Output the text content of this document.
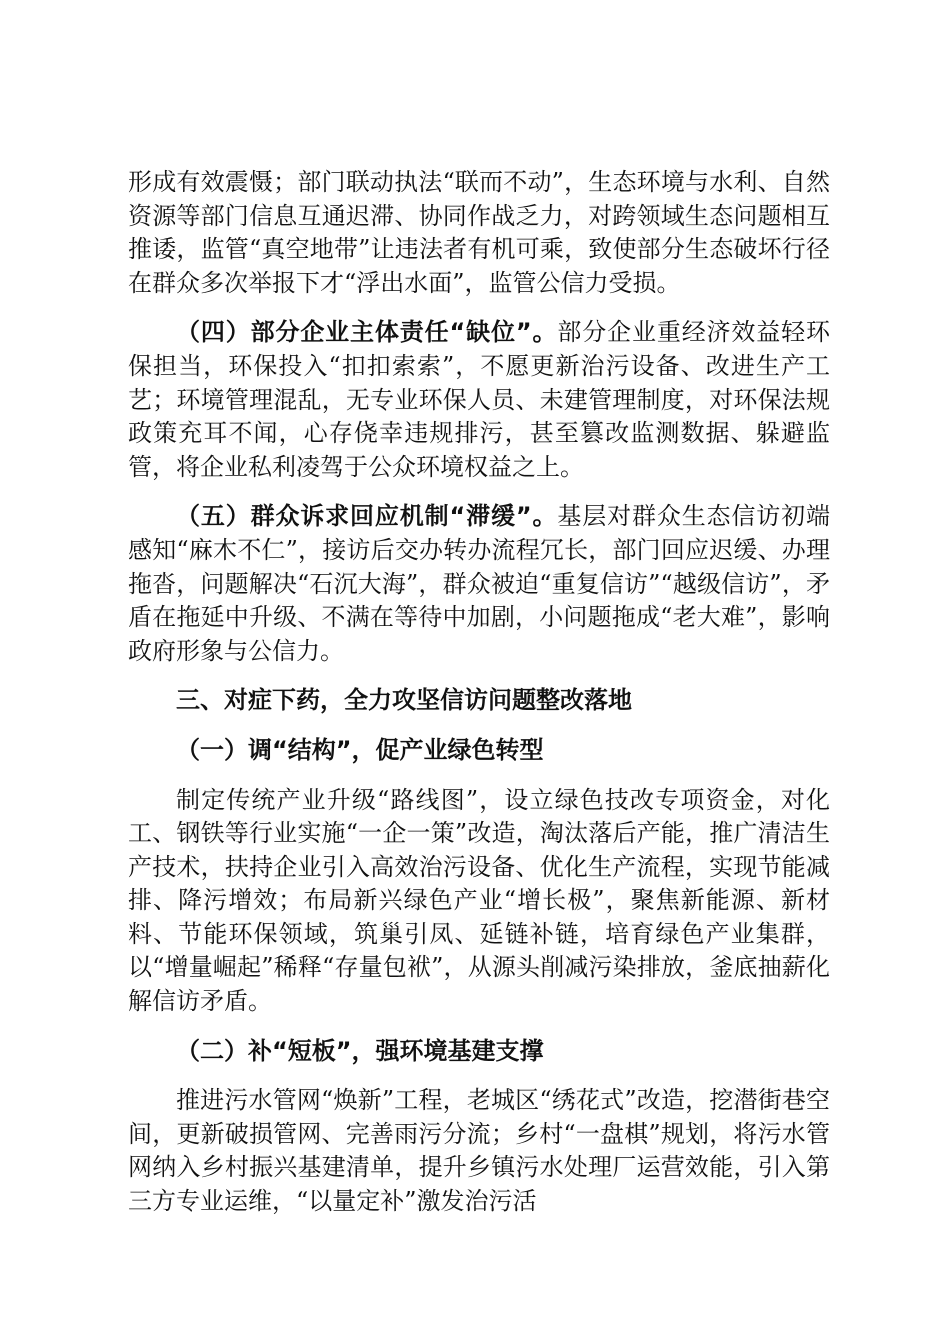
形成有效震慑；部门联动执法“联而不动”，生态环境与水利、自然资源等部门信息互通迟滞、协同作战乏力，对跨领域生态问题相互推诿，监管“真空地带”让违法者有机可乘，致使部分生态破坏行径在群众多次举报下才“浮出水面”，监管公信力受损。

（四）部分企业主体责任“缺位”。部分企业重经济效益轻环保担当，环保投入“扣扣索索”，不愿更新治污设备、改进生产工艺；环境管理混乱，无专业环保人员、未建管理制度，对环保法规政策充耳不闻，心存侥幸违规排污，甚至篡改监测数据、躲避监管，将企业私利凌驾于公众环境权益之上。

（五）群众诉求回应机制“滞缓”。基层对群众生态信访初端感知“麻木不仁”，接访后交办转办流程冗长，部门回应迟缓、办理拖沓，问题解决“石沉大海”，群众被迫“重复信访”“越级信访”，矛盾在拖延中升级、不满在等待中加剧，小问题拖成“老大难”，影响政府形象与公信力。

三、对症下药，全力攻坚信访问题整改落地

（一）调“结构”，促产业绿色转型

制定传统产业升级“路线图”，设立绿色技改专项资金，对化工、钢铁等行业实施“一企一策”改造，淘汰落后产能，推广清洁生产技术，扶持企业引入高效治污设备、优化生产流程，实现节能减排、降污增效；布局新兴绿色产业“增长极”，聚焦新能源、新材料、节能环保领域，筑巢引凤、延链补链，培育绿色产业集群，以“增量崛起”稀释“存量包袱”，从源头削减污染排放，釜底抽薪化解信访矛盾。

（二）补“短板”，强环境基建支撑

推进污水管网“焕新”工程，老城区“绣花式”改造，挖潜街巷空间，更新破损管网、完善雨污分流；乡村“一盘棋”规划，将污水管网纳入乡村振兴基建清单，提升乡镇污水处理厂运营效能，引入第三方专业运维，“以量定补”激发治污活
